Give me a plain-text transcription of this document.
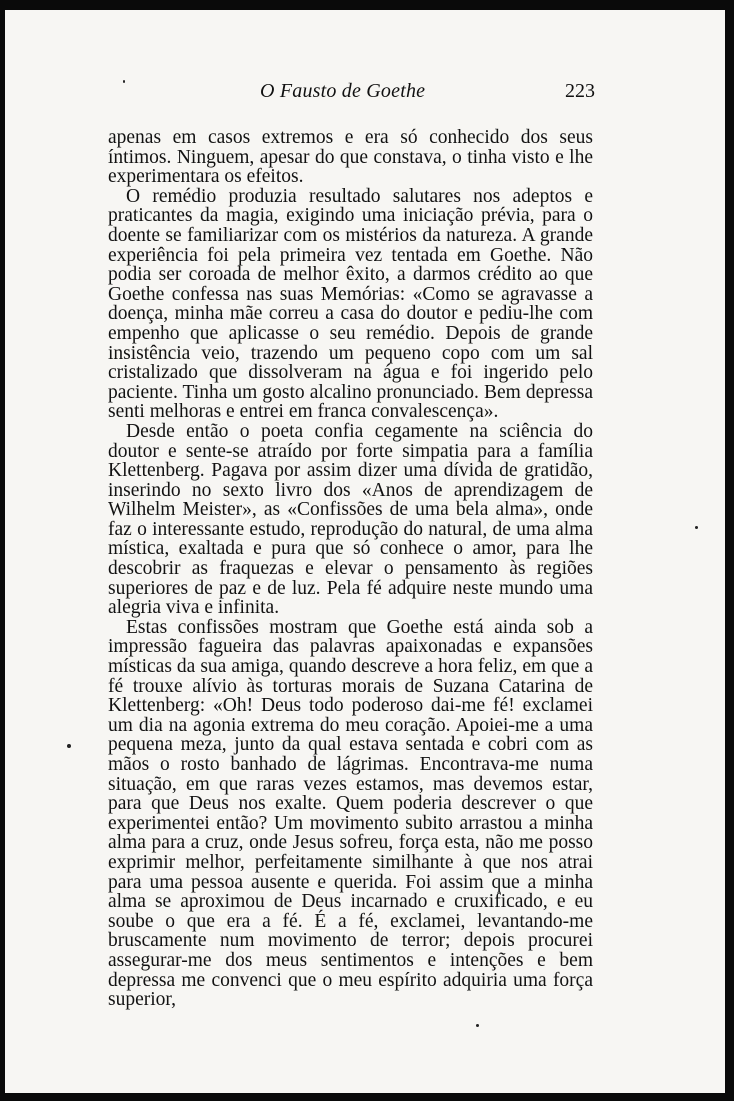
O Fausto de Goethe	223

apenas em casos extremos e era só conhecido dos seus íntimos. Ninguem, apesar do que constava, o tinha visto e lhe experimentara os efeitos.

O remédio produzia resultado salutares nos adeptos e praticantes da magia, exigindo uma iniciação prévia, para o doente se familiarizar com os mistérios da natureza. A grande experiência foi pela primeira vez tentada em Goethe. Não podia ser coroada de melhor êxito, a darmos crédito ao que Goethe confessa nas suas Memórias: «Como se agravasse a doença, minha mãe correu a casa do doutor e pediu-lhe com empenho que aplicasse o seu remédio. Depois de grande insistência veio, trazendo um pequeno copo com um sal cristalizado que dissolveram na água e foi ingerido pelo paciente. Tinha um gosto alcalino pronunciado. Bem depressa senti melhoras e entrei em franca convalescença».

Desde então o poeta confia cegamente na sciência do doutor e sente-se atraído por forte simpatia para a família Klettenberg. Pagava por assim dizer uma dívida de gratidão, inserindo no sexto livro dos «Anos de aprendizagem de Wilhelm Meister», as «Confissões de uma bela alma», onde faz o interessante estudo, reprodução do natural, de uma alma mística, exaltada e pura que só conhece o amor, para lhe descobrir as fraquezas e elevar o pensamento às regiões superiores de paz e de luz. Pela fé adquire neste mundo uma alegria viva e infinita.

Estas confissões mostram que Goethe está ainda sob a impressão fagueira das palavras apaixonadas e expansões místicas da sua amiga, quando descreve a hora feliz, em que a fé trouxe alívio às torturas morais de Suzana Catarina de Klettenberg: «Oh! Deus todo poderoso dai-me fé! exclamei um dia na agonia extrema do meu coração. Apoiei-me a uma pequena meza, junto da qual estava sentada e cobri com as mãos o rosto banhado de lágrimas. Encontrava-me numa situação, em que raras vezes estamos, mas devemos estar, para que Deus nos exalte. Quem poderia descrever o que experimentei então? Um movimento subito arrastou a minha alma para a cruz, onde Jesus sofreu, força esta, não me posso exprimir melhor, perfeitamente similhante à que nos atrai para uma pessoa ausente e querida. Foi assim que a minha alma se aproximou de Deus incarnado e cruxificado, e eu soube o que era a fé. É a fé, exclamei, levantando-me bruscamente num movimento de terror; depois procurei assegurar-me dos meus sentimentos e intenções e bem depressa me convenci que o meu espírito adquiria uma força superior,
